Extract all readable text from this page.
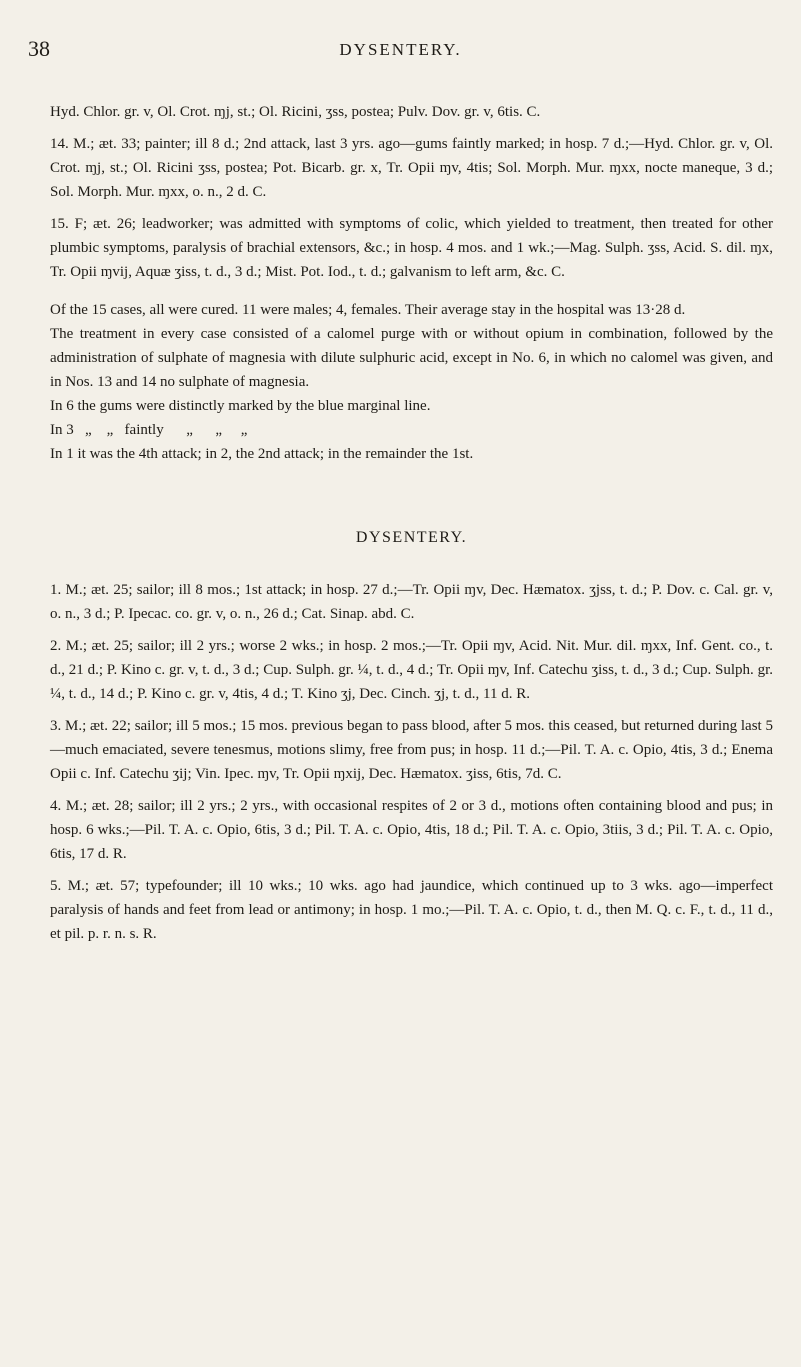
38	DYSENTERY.

Hyd. Chlor. gr. v, Ol. Crot. ɱj, st.; Ol. Ricini, ʒss, postea; Pulv. Dov. gr. v, 6tis. C.

14. M.; æt. 33; painter; ill 8 d.; 2nd attack, last 3 yrs. ago—gums faintly marked; in hosp. 7 d.;—Hyd. Chlor. gr. v, Ol. Crot. ɱj, st.; Ol. Ricini ʒss, postea; Pot. Bicarb. gr. x, Tr. Opii ɱv, 4tis; Sol. Morph. Mur. ɱxx, nocte maneque, 3 d.; Sol. Morph. Mur. ɱxx, o. n., 2 d. C.

15. F; æt. 26; leadworker; was admitted with symptoms of colic, which yielded to treatment, then treated for other plumbic symptoms, paralysis of brachial extensors, &c.; in hosp. 4 mos. and 1 wk.;—Mag. Sulph. ʒss, Acid. S. dil. ɱx, Tr. Opii ɱvij, Aquæ ʒiss, t. d., 3 d.; Mist. Pot. Iod., t. d.; galvanism to left arm, &c. C.

Of the 15 cases, all were cured. 11 were males; 4, females. Their average stay in the hospital was 13·28 d.

The treatment in every case consisted of a calomel purge with or without opium in combination, followed by the administration of sulphate of magnesia with dilute sulphuric acid, except in No. 6, in which no calomel was given, and in Nos. 13 and 14 no sulphate of magnesia.

In 6 the gums were distinctly marked by the blue marginal line.

In 3   „    „   faintly      „      „     „

In 1 it was the 4th attack; in 2, the 2nd attack; in the remainder the 1st.

DYSENTERY.

1. M.; æt. 25; sailor; ill 8 mos.; 1st attack; in hosp. 27 d.;—Tr. Opii ɱv, Dec. Hæmatox. ʒjss, t. d.; P. Dov. c. Cal. gr. v, o. n., 3 d.; P. Ipecac. co. gr. v, o. n., 26 d.; Cat. Sinap. abd. C.

2. M.; æt. 25; sailor; ill 2 yrs.; worse 2 wks.; in hosp. 2 mos.;—Tr. Opii ɱv, Acid. Nit. Mur. dil. ɱxx, Inf. Gent. co., t. d., 21 d.; P. Kino c. gr. v, t. d., 3 d.; Cup. Sulph. gr. ¼, t. d., 4 d.; Tr. Opii ɱv, Inf. Catechu ʒiss, t. d., 3 d.; Cup. Sulph. gr. ¼, t. d., 14 d.; P. Kino c. gr. v, 4tis, 4 d.; T. Kino ʒj, Dec. Cinch. ʒj, t. d., 11 d. R.

3. M.; æt. 22; sailor; ill 5 mos.; 15 mos. previous began to pass blood, after 5 mos. this ceased, but returned during last 5—much emaciated, severe tenesmus, motions slimy, free from pus; in hosp. 11 d.;—Pil. T. A. c. Opio, 4tis, 3 d.; Enema Opii c. Inf. Catechu ʒij; Vin. Ipec. ɱv, Tr. Opii ɱxij, Dec. Hæmatox. ʒiss, 6tis, 7d. C.

4. M.; æt. 28; sailor; ill 2 yrs.; 2 yrs., with occasional respites of 2 or 3 d., motions often containing blood and pus; in hosp. 6 wks.;—Pil. T. A. c. Opio, 6tis, 3 d.; Pil. T. A. c. Opio, 4tis, 18 d.; Pil. T. A. c. Opio, 3tiis, 3 d.; Pil. T. A. c. Opio, 6tis, 17 d. R.

5. M.; æt. 57; typefounder; ill 10 wks.; 10 wks. ago had jaundice, which continued up to 3 wks. ago—imperfect paralysis of hands and feet from lead or antimony; in hosp. 1 mo.;—Pil. T. A. c. Opio, t. d., then M. Q. c. F., t. d., 11 d., et pil. p. r. n. s. R.
